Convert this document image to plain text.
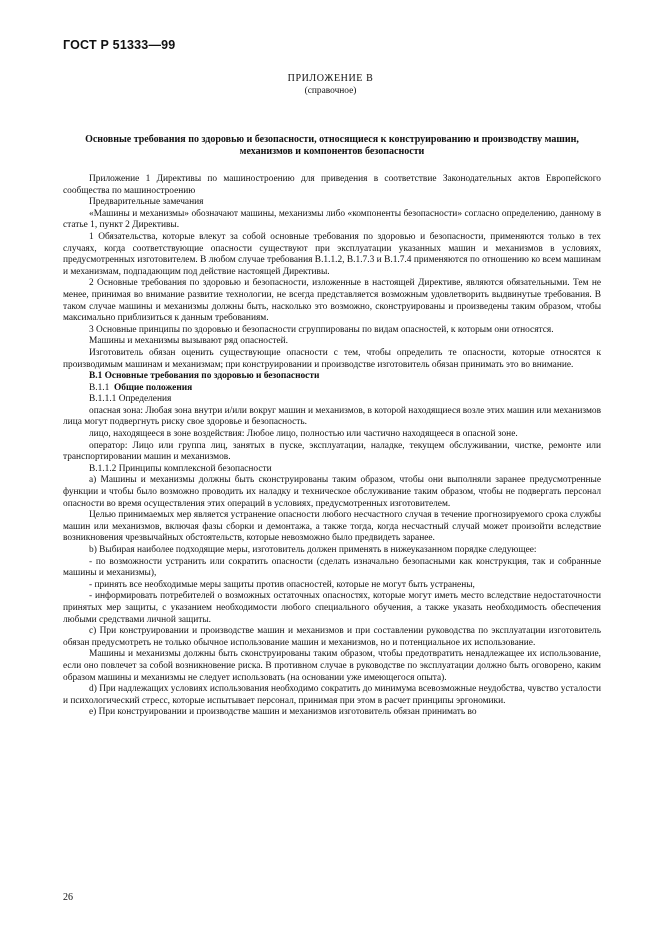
ГОСТ Р 51333—99
ПРИЛОЖЕНИЕ В
(справочное)
Основные требования по здоровью и безопасности, относящиеся к конструированию и производству машин, механизмов и компонентов безопасности

Приложение 1 Директивы по машиностроению для приведения в соответствие Законодательных актов Европейского сообщества по машиностроению

Предварительные замечания

«Машины и механизмы» обозначают машины, механизмы либо «компоненты безопасности» согласно определению, данному в статье 1, пункт 2 Директивы.

1 Обязательства, которые влекут за собой основные требования по здоровью и безопасности, применяются только в тех случаях, когда соответствующие опасности существуют при эксплуатации указанных машин и механизмов в условиях, предусмотренных изготовителем. В любом случае требования В.1.1.2, В.1.7.3 и В.1.7.4 применяются по отношению ко всем машинам и механизмам, подпадающим под действие настоящей Директивы.

2 Основные требования по здоровью и безопасности, изложенные в настоящей Директиве, являются обязательными. Тем не менее, принимая во внимание развитие технологии, не всегда представляется возможным удовлетворить выдвинутые требования. В таком случае машины и механизмы должны быть, насколько это возможно, сконструированы и произведены таким образом, чтобы максимально приблизиться к данным требованиям.

3 Основные принципы по здоровью и безопасности сгруппированы по видам опасностей, к которым они относятся.

Машины и механизмы вызывают ряд опасностей.

Изготовитель обязан оценить существующие опасности с тем, чтобы определить те опасности, которые относятся к производимым машинам и механизмам; при конструировании и производстве изготовитель обязан принимать это во внимание.

В.1 Основные требования по здоровью и безопасности

В.1.1 Общие положения

В.1.1.1 Определения

опасная зона: Любая зона внутри и/или вокруг машин и механизмов, в которой находящиеся возле этих машин или механизмов лица могут подвергнуть риску свое здоровье и безопасность.

лицо, находящееся в зоне воздействия: Любое лицо, полностью или частично находящееся в опасной зоне.

оператор: Лицо или группа лиц, занятых в пуске, эксплуатации, наладке, текущем обслуживании, чистке, ремонте или транспортировании машин и механизмов.

В.1.1.2 Принципы комплексной безопасности

а) Машины и механизмы должны быть сконструированы таким образом, чтобы они выполняли заранее предусмотренные функции и чтобы было возможно проводить их наладку и техническое обслуживание таким образом, чтобы не подвергать персонал опасности во время осуществления этих операций в условиях, предусмотренных изготовителем.

Целью принимаемых мер является устранение опасности любого несчастного случая в течение прогнозируемого срока службы машин или механизмов, включая фазы сборки и демонтажа, а также тогда, когда несчастный случай может произойти вследствие возникновения чрезвычайных обстоятельств, которые невозможно было предвидеть заранее.

b) Выбирая наиболее подходящие меры, изготовитель должен применять в нижеуказанном порядке следующее:

- по возможности устранить или сократить опасности (сделать изначально безопасными как конструкция, так и собранные машины и механизмы),

- принять все необходимые меры защиты против опасностей, которые не могут быть устранены,

- информировать потребителей о возможных остаточных опасностях, которые могут иметь место вследствие недостаточности принятых мер защиты, с указанием необходимости любого специального обучения, а также указать необходимость обеспечения любыми средствами личной защиты.

с) При конструировании и производстве машин и механизмов и при составлении руководства по эксплуатации изготовитель обязан предусмотреть не только обычное использование машин и механизмов, но и потенциальное их использование.

Машины и механизмы должны быть сконструированы таким образом, чтобы предотвратить ненадлежащее их использование, если оно повлечет за собой возникновение риска. В противном случае в руководстве по эксплуатации должно быть оговорено, каким образом машины и механизмы не следует использовать (на основании уже имеющегося опыта).

d) При надлежащих условиях использования необходимо сократить до минимума всевозможные неудобства, чувство усталости и психологический стресс, которые испытывает персонал, принимая при этом в расчет принципы эргономики.

е) При конструировании и производстве машин и механизмов изготовитель обязан принимать во

26
